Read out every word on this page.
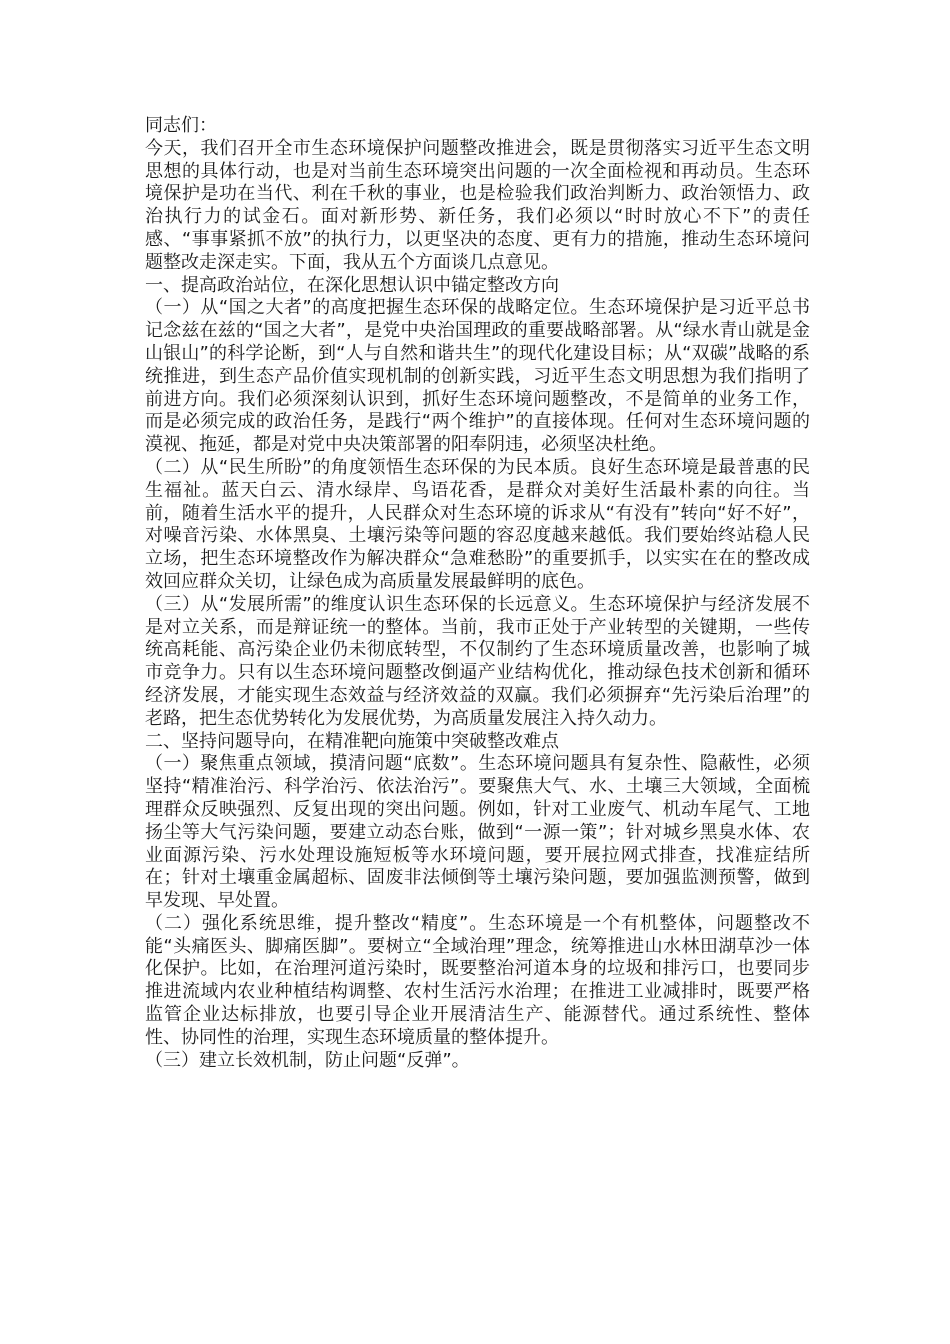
同志们：

今天，我们召开全市生态环境保护问题整改推进会，既是贯彻落实习近平生态文明思想的具体行动，也是对当前生态环境突出问题的一次全面检视和再动员。生态环境保护是功在当代、利在千秋的事业，也是检验我们政治判断力、政治领悟力、政治执行力的试金石。面对新形势、新任务，我们必须以“时时放心不下”的责任感、“事事紧抓不放”的执行力，以更坚决的态度、更有力的措施，推动生态环境问题整改走深走实。下面，我从五个方面谈几点意见。

一、提高政治站位，在深化思想认识中锚定整改方向

（一）从“国之大者”的高度把握生态环保的战略定位。生态环境保护是习近平总书记念兹在兹的“国之大者”，是党中央治国理政的重要战略部署。从“绿水青山就是金山银山”的科学论断，到“人与自然和谐共生”的现代化建设目标；从“双碳”战略的系统推进，到生态产品价值实现机制的创新实践，习近平生态文明思想为我们指明了前进方向。我们必须深刻认识到，抓好生态环境问题整改，不是简单的业务工作，而是必须完成的政治任务，是践行“两个维护”的直接体现。任何对生态环境问题的漠视、拖延，都是对党中央决策部署的阳奉阴违，必须坚决杜绝。

（二）从“民生所盼”的角度领悟生态环保的为民本质。良好生态环境是最普惠的民生福祉。蓝天白云、清水绿岸、鸟语花香，是群众对美好生活最朴素的向往。当前，随着生活水平的提升，人民群众对生态环境的诉求从“有没有”转向“好不好”，对噪音污染、水体黑臭、土壤污染等问题的容忍度越来越低。我们要始终站稳人民立场，把生态环境整改作为解决群众“急难愁盼”的重要抓手，以实实在在的整改成效回应群众关切，让绿色成为高质量发展最鲜明的底色。

（三）从“发展所需”的维度认识生态环保的长远意义。生态环境保护与经济发展不是对立关系，而是辩证统一的整体。当前，我市正处于产业转型的关键期，一些传统高耗能、高污染企业仍未彻底转型，不仅制约了生态环境质量改善，也影响了城市竞争力。只有以生态环境问题整改倒逼产业结构优化，推动绿色技术创新和循环经济发展，才能实现生态效益与经济效益的双赢。我们必须摒弃“先污染后治理”的老路，把生态优势转化为发展优势，为高质量发展注入持久动力。

二、坚持问题导向，在精准靶向施策中突破整改难点

（一）聚焦重点领域，摸清问题“底数”。生态环境问题具有复杂性、隐蔽性，必须坚持“精准治污、科学治污、依法治污”。要聚焦大气、水、土壤三大领域，全面梳理群众反映强烈、反复出现的突出问题。例如，针对工业废气、机动车尾气、工地扬尘等大气污染问题，要建立动态台账，做到“一源一策”；针对城乡黑臭水体、农业面源污染、污水处理设施短板等水环境问题，要开展拉网式排查，找准症结所在；针对土壤重金属超标、固废非法倾倒等土壤污染问题，要加强监测预警，做到早发现、早处置。

（二）强化系统思维，提升整改“精度”。生态环境是一个有机整体，问题整改不能“头痛医头、脚痛医脚”。要树立“全域治理”理念，统筹推进山水林田湖草沙一体化保护。比如，在治理河道污染时，既要整治河道本身的垃圾和排污口，也要同步推进流域内农业种植结构调整、农村生活污水治理；在推进工业减排时，既要严格监管企业达标排放，也要引导企业开展清洁生产、能源替代。通过系统性、整体性、协同性的治理，实现生态环境质量的整体提升。

（三）建立长效机制，防止问题“反弹”。
